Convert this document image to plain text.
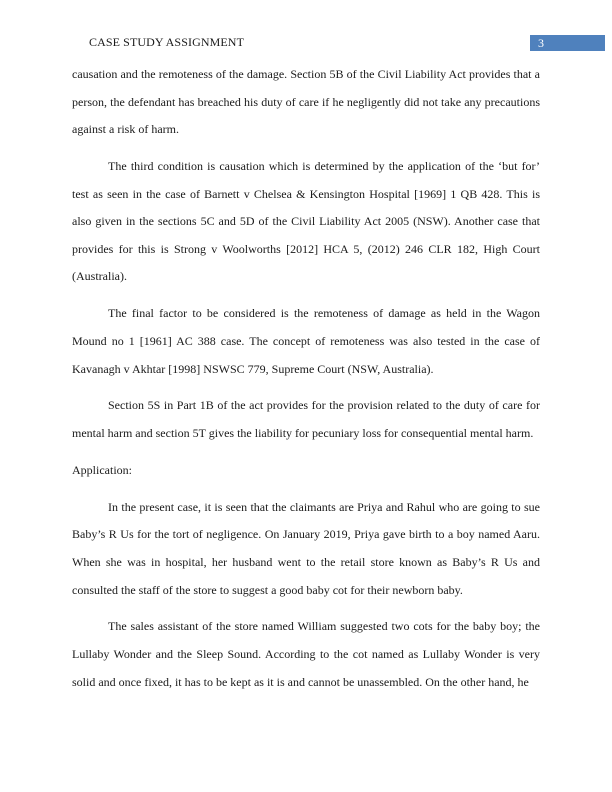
CASE STUDY ASSIGNMENT	3

causation and the remoteness of the damage. Section 5B of the Civil Liability Act provides that a person, the defendant has breached his duty of care if he negligently did not take any precautions against a risk of harm.

The third condition is causation which is determined by the application of the ‘but for’ test as seen in the case of Barnett v Chelsea & Kensington Hospital [1969] 1 QB 428. This is also given in the sections 5C and 5D of the Civil Liability Act 2005 (NSW). Another case that provides for this is Strong v Woolworths [2012] HCA 5, (2012) 246 CLR 182, High Court (Australia).

The final factor to be considered is the remoteness of damage as held in the Wagon Mound no 1 [1961] AC 388 case. The concept of remoteness was also tested in the case of Kavanagh v Akhtar [1998] NSWSC 779, Supreme Court (NSW, Australia).

Section 5S in Part 1B of the act provides for the provision related to the duty of care for mental harm and section 5T gives the liability for pecuniary loss for consequential mental harm.

Application:

In the present case, it is seen that the claimants are Priya and Rahul who are going to sue Baby’s R Us for the tort of negligence. On January 2019, Priya gave birth to a boy named Aaru. When she was in hospital, her husband went to the retail store known as Baby’s R Us and consulted the staff of the store to suggest a good baby cot for their newborn baby.

The sales assistant of the store named William suggested two cots for the baby boy; the Lullaby Wonder and the Sleep Sound. According to the cot named as Lullaby Wonder is very solid and once fixed, it has to be kept as it is and cannot be unassembled. On the other hand, he
